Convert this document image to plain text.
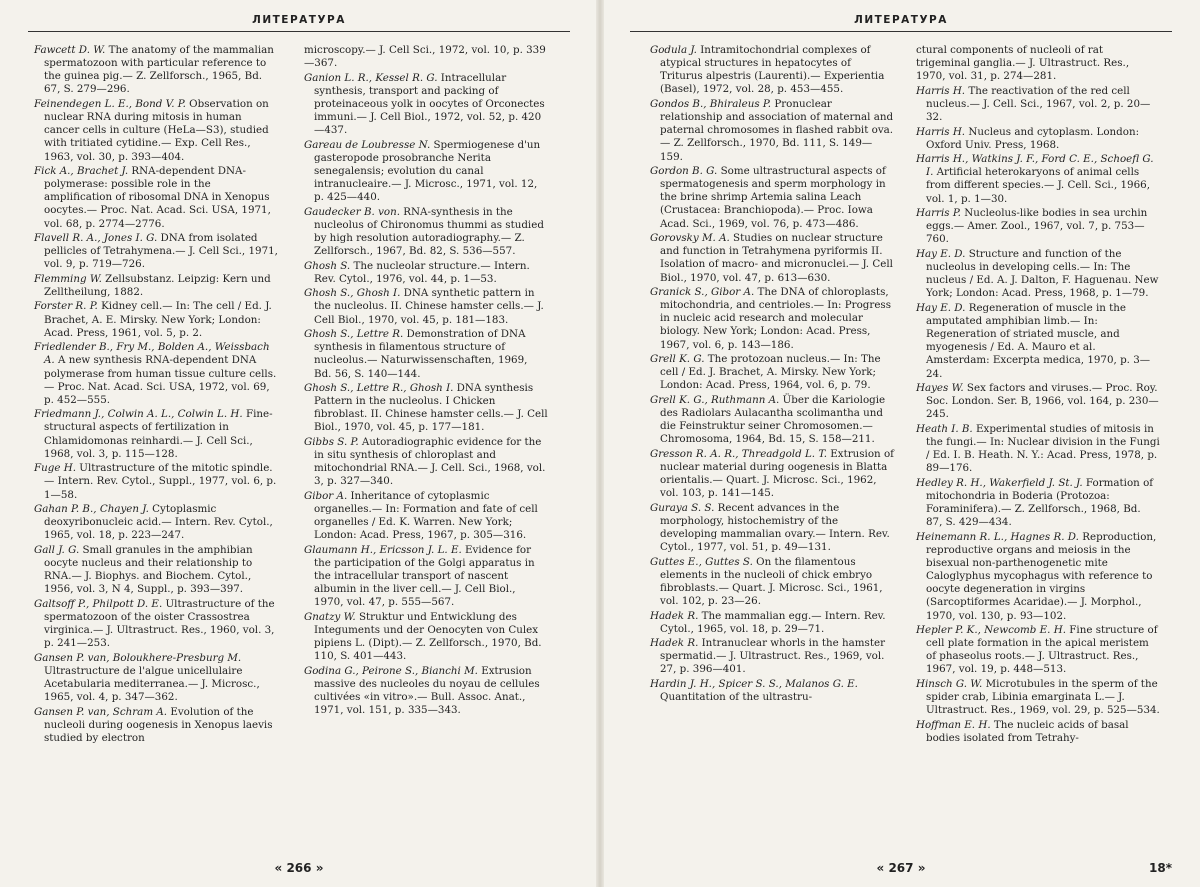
ЛИТЕРАТУРА
Fawcett D. W. The anatomy of the mammalian spermatozoon with particular reference to the guinea pig.— Z. Zellforsch., 1965, Bd. 67, S. 279—296.
Feinendegen L. E., Bond V. P. Observation on nuclear RNA during mitosis in human cancer cells in culture (HeLa—S3), studied with tritiated cytidine.— Exp. Cell Res., 1963, vol. 30, p. 393—404.
Fick A., Brachet J. RNA-dependent DNA-polymerase: possible role in the amplification of ribosomal DNA in Xenopus oocytes.— Proc. Nat. Acad. Sci. USA, 1971, vol. 68, p. 2774—2776.
Flavell R. A., Jones I. G. DNA from isolated pellicles of Tetrahymena.— J. Cell Sci., 1971, vol. 9, p. 719—726.
Flemming W. Zellsubstanz. Leipzig: Kern und Zelltheilung, 1882.
Forster R. P. Kidney cell.— In: The cell / Ed. J. Brachet, A. E. Mirsky. New York; London: Acad. Press, 1961, vol. 5, p. 2.
Friedlender B., Fry M., Bolden A., Weissbach A. A new synthesis RNA-dependent DNA polymerase from human tissue culture cells.— Proc. Nat. Acad. Sci. USA, 1972, vol. 69, p. 452—555.
Friedmann J., Colwin A. L., Colwin L. H. Fine-structural aspects of fertilization in Chlamidomonas reinhardi.— J. Cell Sci., 1968, vol. 3, p. 115—128.
Fuge H. Ultrastructure of the mitotic spindle.— Intern. Rev. Cytol., Suppl., 1977, vol. 6, p. 1—58.
Gahan P. B., Chayen J. Cytoplasmic deoxyribonucleic acid.— Intern. Rev. Cytol., 1965, vol. 18, p. 223—247.
Gall J. G. Small granules in the amphibian oocyte nucleus and their relationship to RNA.— J. Biophys. and Biochem. Cytol., 1956, vol. 3, N 4, Suppl., p. 393—397.
Galtsoff P., Philpott D. E. Ultrastructure of the spermatozoon of the oister Crassostrea virginica.— J. Ultrastruct. Res., 1960, vol. 3, p. 241—253.
Gansen P. van, Boloukhere-Presburg M. Ultrastructure de l'algue unicellulaire Acetabularia mediterranea.— J. Microsc., 1965, vol. 4, p. 347—362.
Gansen P. van, Schram A. Evolution of the nucleoli during oogenesis in Xenopus laevis studied by electron
microscopy.— J. Cell Sci., 1972, vol. 10, p. 339—367.
Ganion L. R., Kessel R. G. Intracellular synthesis, transport and packing of proteinaceous yolk in oocytes of Orconectes immuni.— J. Cell Biol., 1972, vol. 52, p. 420—437.
Gareau de Loubresse N. Spermiogenese d'un gasteropode prosobranche Nerita senegalensis; evolution du canal intranucleaire.— J. Microsc., 1971, vol. 12, p. 425—440.
Gaudecker B. von. RNA-synthesis in the nucleolus of Chironomus thummi as studied by high resolution autoradiography.— Z. Zellforsch., 1967, Bd. 82, S. 536—557.
Ghosh S. The nucleolar structure.— Intern. Rev. Cytol., 1976, vol. 44, p. 1—53.
Ghosh S., Ghosh I. DNA synthetic pattern in the nucleolus. II. Chinese hamster cells.— J. Cell Biol., 1970, vol. 45, p. 181—183.
Ghosh S., Lettre R. Demonstration of DNA synthesis in filamentous structure of nucleolus.— Naturwissenschaften, 1969, Bd. 56, S. 140—144.
Ghosh S., Lettre R., Ghosh I. DNA synthesis Pattern in the nucleolus. I Chicken fibroblast. II. Chinese hamster cells.— J. Cell Biol., 1970, vol. 45, p. 177—181.
Gibbs S. P. Autoradiographic evidence for the in situ synthesis of chloroplast and mitochondrial RNA.— J. Cell. Sci., 1968, vol. 3, p. 327—340.
Gibor A. Inheritance of cytoplasmic organelles.— In: Formation and fate of cell organelles / Ed. K. Warren. New York; London: Acad. Press, 1967, p. 305—316.
Glaumann H., Ericsson J. L. E. Evidence for the participation of the Golgi apparatus in the intracellular transport of nascent albumin in the liver cell.— J. Cell Biol., 1970, vol. 47, p. 555—567.
Gnatzy W. Struktur und Entwicklung des Integuments und der Oenocyten von Culex pipiens L. (Dipt).— Z. Zellforsch., 1970, Bd. 110, S. 401—443.
Godina G., Peirone S., Bianchi M. Extrusion massive des nucleoles du noyau de cellules cultivées «in vitro».— Bull. Assoc. Anat., 1971, vol. 151, p. 335—343.
« 266 »
ЛИТЕРАТУРА
Godula J. Intramitochondrial complexes of atypical structures in hepatocytes of Triturus alpestris (Laurenti).— Experientia (Basel), 1972, vol. 28, p. 453—455.
Gondos B., Bhiraleus P. Pronuclear relationship and association of maternal and paternal chromosomes in flashed rabbit ova.— Z. Zellforsch., 1970, Bd. 111, S. 149—159.
Gordon B. G. Some ultrastructural aspects of spermatogenesis and sperm morphology in the brine shrimp Artemia salina Leach (Crustacea: Branchiopoda).— Proc. Iowa Acad. Sci., 1969, vol. 76, p. 473—486.
Gorovsky M. A. Studies on nuclear structure and function in Tetrahymena pyriformis II. Isolation of macro- and micronuclei.— J. Cell Biol., 1970, vol. 47, p. 613—630.
Granick S., Gibor A. The DNA of chloroplasts, mitochondria, and centrioles.— In: Progress in nucleic acid research and molecular biology. New York; London: Acad. Press, 1967, vol. 6, p. 143—186.
Grell K. G. The protozoan nucleus.— In: The cell / Ed. J. Brachet, A. Mirsky. New York; London: Acad. Press, 1964, vol. 6, p. 79.
Grell K. G., Ruthmann A. Über die Kariologie des Radiolars Aulacantha scolimantha und die Feinstruktur seiner Chromosomen.— Chromosoma, 1964, Bd. 15, S. 158—211.
Gresson R. A. R., Threadgold L. T. Extrusion of nuclear material during oogenesis in Blatta orientalis.— Quart. J. Microsc. Sci., 1962, vol. 103, p. 141—145.
Guraya S. S. Recent advances in the morphology, histochemistry of the developing mammalian ovary.— Intern. Rev. Cytol., 1977, vol. 51, p. 49—131.
Guttes E., Guttes S. On the filamentous elements in the nucleoli of chick embryo fibroblasts.— Quart. J. Microsc. Sci., 1961, vol. 102, p. 23—26.
Hadek R. The mammalian egg.— Intern. Rev. Cytol., 1965, vol. 18, p. 29—71.
Hadek R. Intranuclear whorls in the hamster spermatid.— J. Ultrastruct. Res., 1969, vol. 27, p. 396—401.
Hardin J. H., Spicer S. S., Malanos G. E. Quantitation of the ultrastru-
ctural components of nucleoli of rat trigeminal ganglia.— J. Ultrastruct. Res., 1970, vol. 31, p. 274—281.
Harris H. The reactivation of the red cell nucleus.— J. Cell. Sci., 1967, vol. 2, p. 20—32.
Harris H. Nucleus and cytoplasm. London: Oxford Univ. Press, 1968.
Harris H., Watkins J. F., Ford C. E., Schoefl G. I. Artificial heterokaryons of animal cells from different species.— J. Cell. Sci., 1966, vol. 1, p. 1—30.
Harris P. Nucleolus-like bodies in sea urchin eggs.— Amer. Zool., 1967, vol. 7, p. 753—760.
Hay E. D. Structure and function of the nucleolus in developing cells.— In: The nucleus / Ed. A. J. Dalton, F. Haguenau. New York; London: Acad. Press, 1968, p. 1—79.
Hay E. D. Regeneration of muscle in the amputated amphibian limb.— In: Regeneration of striated muscle, and myogenesis / Ed. A. Mauro et al. Amsterdam: Excerpta medica, 1970, p. 3—24.
Hayes W. Sex factors and viruses.— Proc. Roy. Soc. London. Ser. B, 1966, vol. 164, p. 230—245.
Heath I. B. Experimental studies of mitosis in the fungi.— In: Nuclear division in the Fungi / Ed. I. B. Heath. N. Y.: Acad. Press, 1978, p. 89—176.
Hedley R. H., Wakerfield J. St. J. Formation of mitochondria in Boderia (Protozoa: Foraminifera).— Z. Zellforsch., 1968, Bd. 87, S. 429—434.
Heinemann R. L., Hagnes R. D. Reproduction, reproductive organs and meiosis in the bisexual non-parthenogenetic mite Caloglyphus mycophagus with reference to oocyte degeneration in virgins (Sarcoptiformes Acaridae).— J. Morphol., 1970, vol. 130, p. 93—102.
Hepler P. K., Newcomb E. H. Fine structure of cell plate formation in the apical meristem of phaseolus roots.— J. Ultrastruct. Res., 1967, vol. 19, p. 448—513.
Hinsch G. W. Microtubules in the sperm of the spider crab, Libinia emarginata L.— J. Ultrastruct. Res., 1969, vol. 29, p. 525—534.
Hoffman E. H. The nucleic acids of basal bodies isolated from Tetrahy-
« 267 »	18*
